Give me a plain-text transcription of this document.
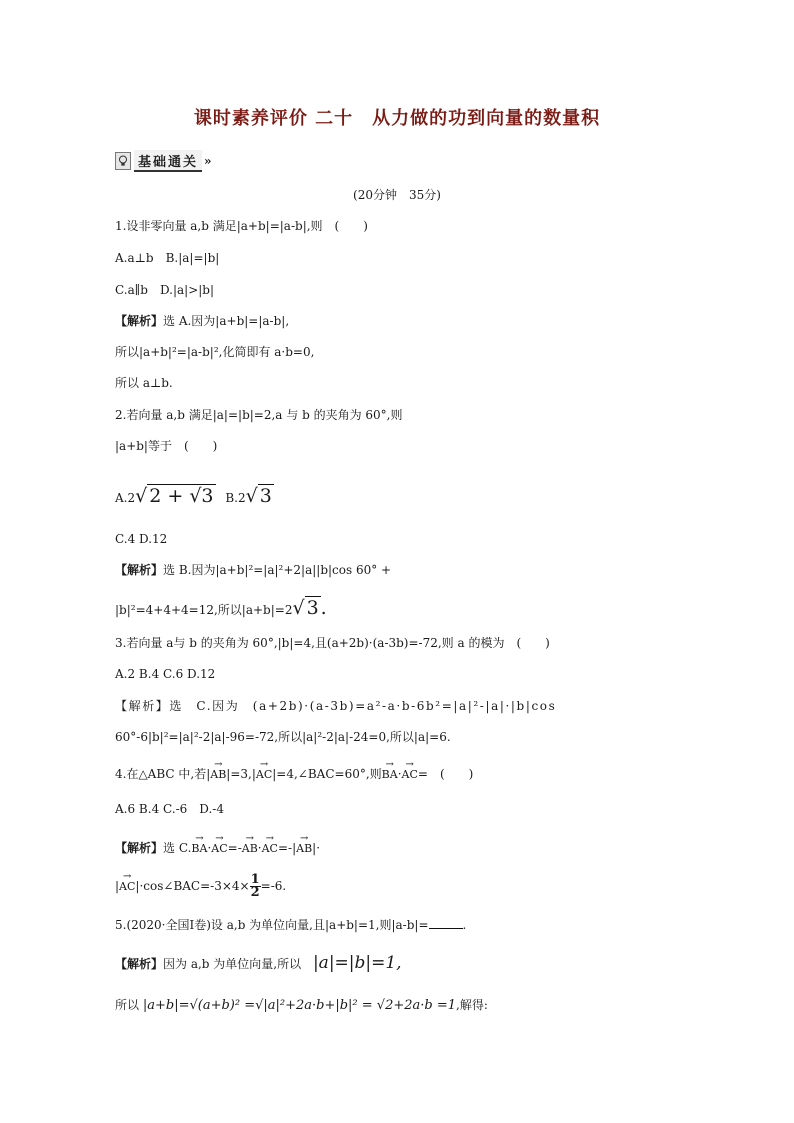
课时素养评价 二十　从力做的功到向量的数量积
基础通关 »
(20分钟　35分)
1.设非零向量 a,b 满足|a+b|=|a-b|,则　(　　)
A.a⊥b　B.|a|=|b|
C.a∥b　D.|a|>|b|
【解析】选 A.因为|a+b|=|a-b|,
所以|a+b|²=|a-b|²,化简即有 a·b=0,
所以 a⊥b.
2.若向量 a,b 满足|a|=|b|=2,a 与 b 的夹角为 60°,则
|a+b|等于　(　　)
A.2√ 2 + √3 B.2√ 3
C.4 D.12
【解析】选 B.因为|a+b|²=|a|²+2|a||b|cos 60° +
|b|²=4+4+4=12,所以|a+b|=2√ 3 .
3.若向量 a与 b 的夹角为 60°,|b|=4,且(a+2b)·(a-3b)=-72,则 a 的模为　(　　)
A.2 B.4 C.6 D.12
【解析】选 C.因为 (a+2b)·(a-3b)=a²-a·b-6b²=|a|²-|a|·|b|cos
60°-6|b|²=|a|²-2|a|-96=-72,所以|a|²-2|a|-24=0,所以|a|=6.
4.在△ABC 中,若|→ AB|=3,|→ AC|=4,∠BAC=60°,则→ BA·→ AC=　(　　)
A.6 B.4 C.-6　D.-4
【解析】选 C.→ BA·→ AC=-→ AB·→ AC=-|→ AB|·
|→ AC|·cos∠BAC=-3×4× $\frac{1}{2} =-6$.
5.(2020·全国Ⅰ卷)设 a,b 为单位向量,且|a+b|=1,则|a-b|=	.
【解析】因为 a,b 为单位向量,所以 |a|=|b|=1,
所以 |a+b|=√(a+b)² =√|a|²+2a·b+|b|² = √2+2a·b =1,解得:
